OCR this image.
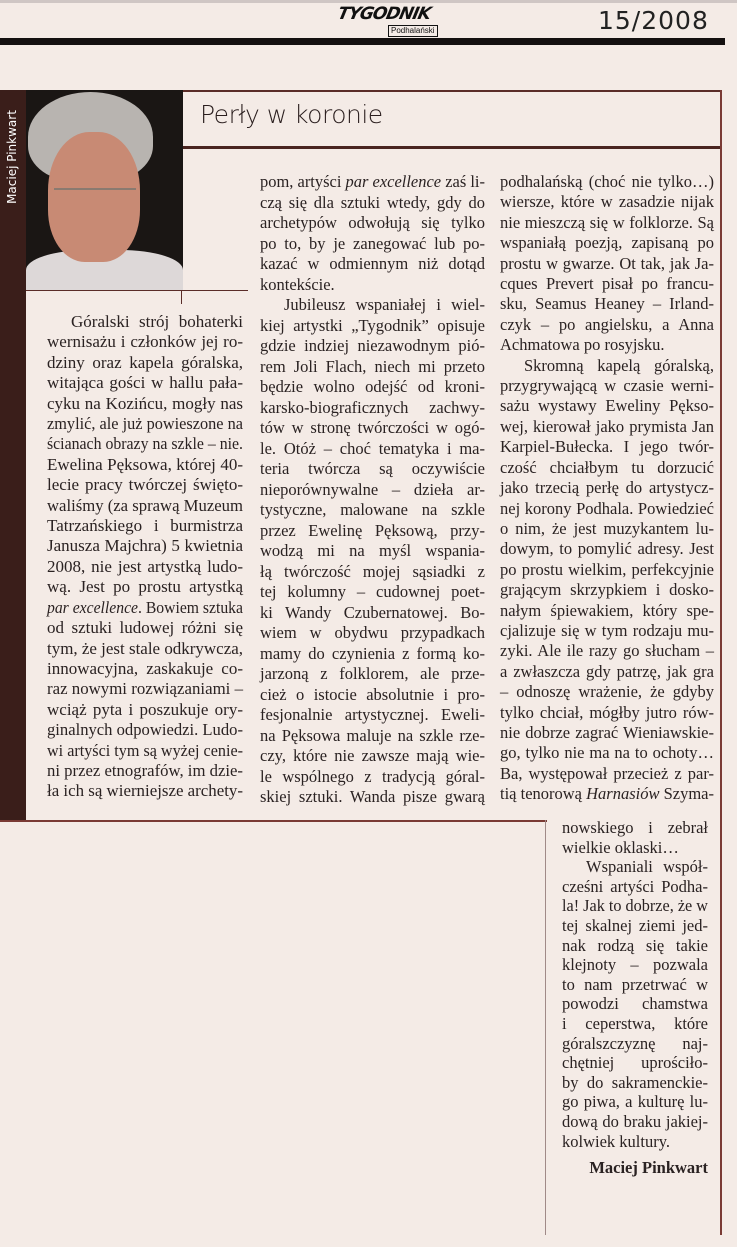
TYGODNIK
Podhalański	15/2008
Maciej Pinkwart	Perły w koronie
Góralski strój bohaterki
wernisażu i członków jej ro-
dziny oraz kapela góralska,
witająca gości w hallu pała-
cyku na Kozińcu, mogły nas
zmylić, ale już powieszone na
ścianach obrazy na szkle – nie.
Ewelina Pęksowa, której 40-
lecie pracy twórczej święto-
waliśmy (za sprawą Muzeum
Tatrzańskiego i burmistrza
Janusza Majchra) 5 kwietnia
2008, nie jest artystką ludo-
wą. Jest po prostu artystką
par excellence. Bowiem sztuka
od sztuki ludowej różni się
tym, że jest stale odkrywcza,
innowacyjna, zaskakuje co-
raz nowymi rozwiązaniami –
wciąż pyta i poszukuje ory-
ginalnych odpowiedzi. Ludo-
wi artyści tym są wyżej cenie-
ni przez etnografów, im dzie-
ła ich są wierniejsze archety-
pom, artyści par excellence zaś li-
czą się dla sztuki wtedy, gdy do
archetypów odwołują się tylko
po to, by je zanegować lub po-
kazać w odmiennym niż dotąd
kontekście.
Jubileusz wspaniałej i wiel-
kiej artystki „Tygodnik” opisuje
gdzie indziej niezawodnym pió-
rem Joli Flach, niech mi przeto
będzie wolno odejść od kroni-
karsko-biograficznych zachwy-
tów w stronę twórczości w ogó-
le. Otóż – choć tematyka i ma-
teria twórcza są oczywiście
nieporównywalne – dzieła ar-
tystyczne, malowane na szkle
przez Ewelinę Pęksową, przy-
wodzą mi na myśl wspania-
łą twórczość mojej sąsiadki z
tej kolumny – cudownej poet-
ki Wandy Czubernatowej. Bo-
wiem w obydwu przypadkach
mamy do czynienia z formą ko-
jarzoną z folklorem, ale prze-
cież o istocie absolutnie i pro-
fesjonalnie artystycznej. Eweli-
na Pęksowa maluje na szkle rze-
czy, które nie zawsze mają wie-
le wspólnego z tradycją góral-
skiej sztuki. Wanda pisze gwarą
podhalańską (choć nie tylko…)
wiersze, które w zasadzie nijak
nie mieszczą się w folklorze. Są
wspaniałą poezją, zapisaną po
prostu w gwarze. Ot tak, jak Ja-
cques Prevert pisał po francu-
sku, Seamus Heaney – Irland-
czyk – po angielsku, a Anna
Achmatowa po rosyjsku.
Skromną kapelą góralską,
przygrywającą w czasie werni-
sażu wystawy Eweliny Pękso-
wej, kierował jako prymista Jan
Karpiel-Bułecka. I jego twór-
czość chciałbym tu dorzucić
jako trzecią perłę do artystycz-
nej korony Podhala. Powiedzieć
o nim, że jest muzykantem lu-
dowym, to pomylić adresy. Jest
po prostu wielkim, perfekcyjnie
grającym skrzypkiem i dosko-
nałym śpiewakiem, który spe-
cjalizuje się w tym rodzaju mu-
zyki. Ale ile razy go słucham –
a zwłaszcza gdy patrzę, jak gra
– odnoszę wrażenie, że gdyby
tylko chciał, mógłby jutro rów-
nie dobrze zagrać Wieniawskie-
go, tylko nie ma na to ochoty…
Ba, występował przecież z par-
tią tenorową Harnasiów Szyma-
nowskiego i zebrał
wielkie oklaski…
Wspaniali współ-
cześni artyści Podha-
la! Jak to dobrze, że w
tej skalnej ziemi jed-
nak rodzą się takie
klejnoty – pozwala
to nam przetrwać w
powodzi chamstwa
i ceperstwa, które
góralszczyznę naj-
chętniej uprościło-
by do sakramenckie-
go piwa, a kulturę lu-
dową do braku jakiej-
kolwiek kultury.
Maciej Pinkwart
